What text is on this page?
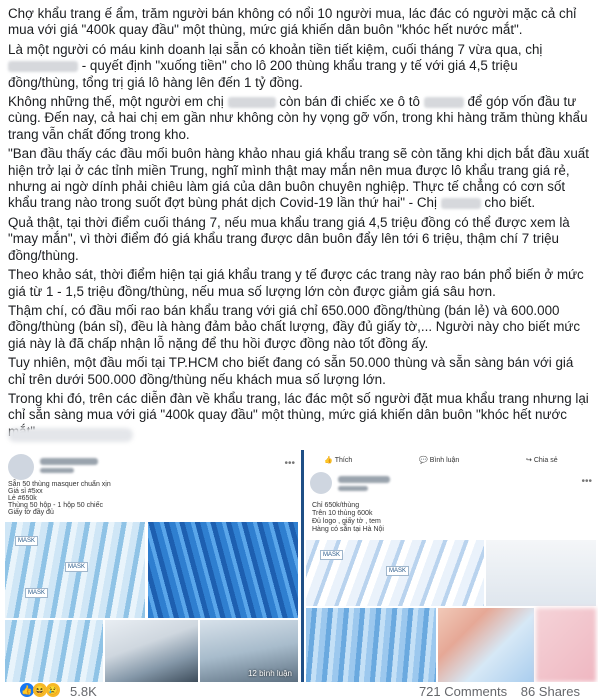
Chợ khẩu trang ế ẩm, trăm người bán không có nổi 10 người mua, lác đác có người mặc cả chỉ mua với giá "400k quay đầu" một thùng, mức giá khiến dân buôn "khóc hết nước mắt".

Là một người có máu kinh doanh lại sẵn có khoản tiền tiết kiệm, cuối tháng 7 vừa qua, chị  - quyết định "xuống tiền" cho lô 200 thùng khẩu trang y tế với giá 4,5 triệu đồng/thùng, tổng trị giá lô hàng lên đến 1 tỷ đồng.

Không những thế, một người em chị	còn bán đi chiếc xe ô tô	để góp vốn đầu tư cùng. Đến nay, cả hai chị em gần như không còn hy vọng gỡ vốn, trong khi hàng trăm thùng khẩu trang vẫn chất đống trong kho.

"Ban đầu thấy các đầu mối buôn hàng khảo nhau giá khẩu trang sẽ còn tăng khi dịch bắt đầu xuất hiện trở lại ở các tỉnh miền Trung, nghĩ mình thật may mắn nên mua được lô khẩu trang giá rẻ, nhưng ai ngờ dính phải chiêu làm giá của dân buôn chuyên nghiệp. Thực tế chẳng có cơn sốt khẩu trang nào trong suốt đợt bùng phát dịch Covid-19 lần thứ hai" - Chị	cho biết.

Quả thật, tại thời điểm cuối tháng 7, nếu mua khẩu trang giá 4,5 triệu đồng có thể được xem là "may mắn", vì thời điểm đó giá khẩu trang được dân buôn đẩy lên tới 6 triệu, thậm chí 7 triệu đồng/thùng.

Theo khảo sát, thời điểm hiện tại giá khẩu trang y tế được các trang này rao bán phổ biến ở mức giá từ 1 - 1,5 triệu đồng/thùng, nếu mua số lượng lớn còn được giảm giá sâu hơn.

Thậm chí, có đầu mối rao bán khẩu trang với giá chỉ 650.000 đồng/thùng (bán lẻ) và 600.000 đồng/thùng (bán sỉ), đều là hàng đảm bảo chất lượng, đầy đủ giấy tờ,... Người này cho biết mức giá này là đã chấp nhận lỗ nặng để thu hồi được đồng nào tốt đồng ấy.

Tuy nhiên, một đầu mối tại TP.HCM cho biết đang có sẵn 50.000 thùng và sẵn sàng bán với giá chỉ trên dưới 500.000 đồng/thùng nếu khách mua số lượng lớn.

Trong khi đó, trên các diễn đàn về khẩu trang, lác đác một số người đặt mua khẩu trang nhưng lại chỉ sẵn sàng mua với giá "400k quay đầu" một thùng, mức giá khiến dân buôn "khóc hết nước

•••
Sẵn 50 thùng masquer chuẩn xịn
Giá sỉ #5xx
Lẻ #650k
Thùng 50 hộp - 1 hộp 50 chiếc
Giấy tờ đầy đủ
MASK
MASK
MASK
12 bình luận
👍 Thích	💬 Bình luận	↪ Chia sẻ
•••
Chỉ 650k/thùng
Trên 10 thùng 600k
Đủ logo , giấy tờ , tem
Hàng có sẵn tại Hà Nội
MASK
MASK
👍 😆 😢 5.8K	721 Comments 86 Shares
